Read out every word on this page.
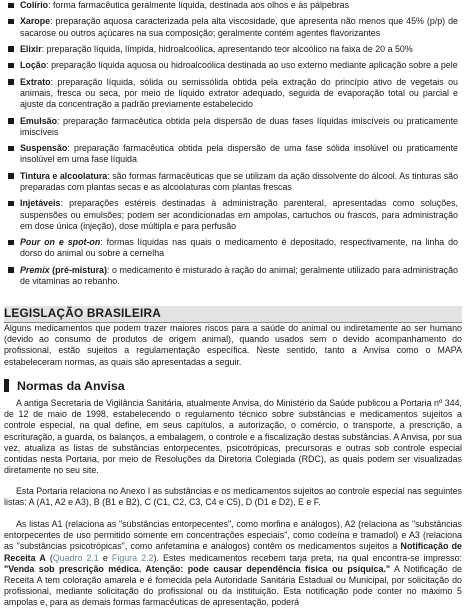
Colírio: forma farmacêutica geralmente líquida, destinada aos olhos e às pálpebras
Xarope: preparação aquosa caracterizada pela alta viscosidade, que apresenta não menos que 45% (p/p) de sacarose ou outros açúcares na sua composição; geralmente contém agentes flavorizantes
Elixir: preparação líquida, límpida, hidroalcoólica, apresentando teor alcoólico na faixa de 20 a 50%
Loção: preparação líquida aquosa ou hidroalcoólica destinada ao uso externo mediante aplicação sobre a pele
Extrato: preparação líquida, sólida ou semissólida obtida pela extração do princípio ativo de vegetais ou animais, fresca ou seca, por meio de líquido extrator adequado, seguida de evaporação total ou parcial e ajuste da concentração a padrão previamente estabelecido
Emulsão: preparação farmacêutica obtida pela dispersão de duas fases líquidas imiscíveis ou praticamente imiscíveis
Suspensão: preparação farmacêutica obtida pela dispersão de uma fase sólida insolúvel ou praticamente insolúvel em uma fase líquida
Tintura e alcoolatura: são formas farmacêuticas que se utilizam da ação dissolvente do álcool. As tinturas são preparadas com plantas secas e as alcoolaturas com plantas frescas
Injetáveis: preparações estéreis destinadas à administração parenteral, apresentadas como soluções, suspensões ou emulsões; podem ser acondicionadas em ampolas, cartuchos ou frascos, para administração em dose única (injeção), dose múltipla e para perfusão
Pour on e spot-on: formas líquidas nas quais o medicamento é depositado, respectivamente, na linha do dorso do animal ou sobre a cernelha
Premix (pré-mistura): o medicamento é misturado à ração do animal; geralmente utilizado para administração de vitaminas ao rebanho.
LEGISLAÇÃO BRASILEIRA

Alguns medicamentos que podem trazer maiores riscos para a saúde do animal ou indiretamente ao ser humano (devido ao consumo de produtos de origem animal), quando usados sem o devido acompanhamento do profissional, estão sujeitos a regulamentação específica. Neste sentido, tanto a Anvisa como o MAPA estabeleceram normas, as quais são apresentadas a seguir.

Normas da Anvisa

A antiga Secretaria de Vigilância Sanitária, atualmente Anvisa, do Ministério da Saúde publicou a Portaria nº 344, de 12 de maio de 1998, estabelecendo o regulamento técnico sobre substâncias e medicamentos sujeitos a controle especial, na qual define, em seus capítulos, a autorização, o comércio, o transporte, a prescrição, a escrituração, a guarda, os balanços, a embalagem, o controle e a fiscalização destas substâncias. A Anvisa, por sua vez, atualiza as listas de substâncias entorpecentes, psicotrópicas, precursoras e outras sob controle especial contidas nesta Portaria, por meio de Resoluções da Diretoria Colegiada (RDC), as quais podem ser visualizadas diretamente no seu site.

Esta Portaria relaciona no Anexo I as substâncias e os medicamentos sujeitos ao controle especial nas seguintes listas: A (A1, A2 e A3), B (B1 e B2), C (C1, C2, C3, C4 e C5), D (D1 e D2), E e F.

As listas A1 (relaciona as "substâncias entorpecentes", como morfina e análogos), A2 (relaciona as "substâncias entorpecentes de uso permitido somente em concentrações especiais", como codeína e tramadol) e A3 (relaciona as "substâncias psicotrópicas", como anfetamina e análogos) contêm os medicamentos sujeitos a Notificação de Receita A (Quadro 2.1 e Figura 2.2). Estes medicamentos recebem tarja preta, na qual encontra-se impresso: "Venda sob prescrição médica. Atenção: pode causar dependência física ou psíquica." A Notificação de Receita A tem coloração amarela e é fornecida pela Autoridade Sanitária Estadual ou Municipal, por solicitação do profissional, mediante solicitação do profissional ou da instituição. Esta notificação pode conter no máximo 5 ampolas e, para as demais formas farmacêuticas de apresentação, poderá
